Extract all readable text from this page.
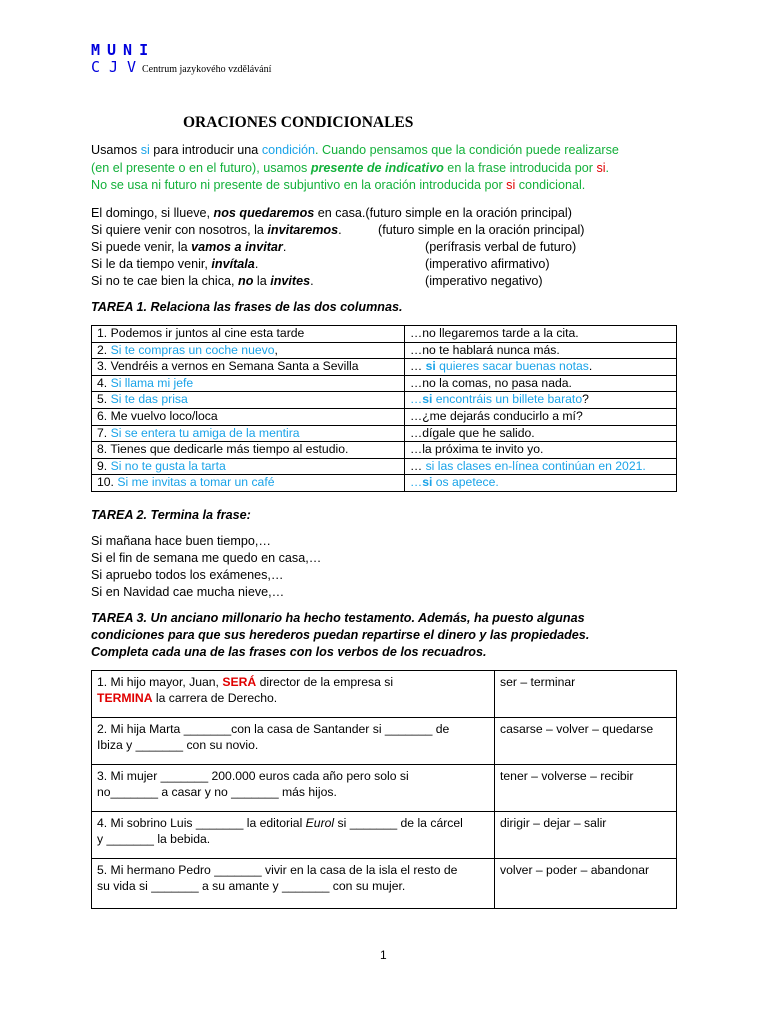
MUNI
CJV
Centrum jazykového vzdělávání
ORACIONES CONDICIONALES
Usamos si para introducir una condición. Cuando pensamos que la condición puede realizarse
(en el presente o en el futuro), usamos presente de indicativo en la frase introducida por si.
No se usa ni futuro ni presente de subjuntivo en la oración introducida por si condicional.
El domingo, si llueve, nos quedaremos en casa.(futuro simple en la oración principal)
Si quiere venir con nosotros, la invitaremos.	(futuro simple en la oración principal)
Si puede venir, la vamos a invitar.	(perífrasis verbal de futuro)
Si le da tiempo venir, invítala.	(imperativo afirmativo)
Si no te cae bien la chica, no la invites.	(imperativo negativo)
TAREA 1. Relaciona las frases de las dos columnas.
1. Podemos ir juntos al cine esta tarde	…no llegaremos tarde a la cita.
2. Si te compras un coche nuevo,	…no te hablará nunca más.
3. Vendréis a vernos en Semana Santa a Sevilla	… si quieres sacar buenas notas.
4. Si llama mi jefe	…no la comas, no pasa nada.
5. Si te das prisa	…si encontráis un billete barato?
6. Me vuelvo loco/loca	…¿me dejarás conducirlo a mí?
7. Si se entera tu amiga de la mentira	…dígale que he salido.
8. Tienes que dedicarle más tiempo al estudio.	…la próxima te invito yo.
9. Si no te gusta la tarta	… si las clases en-línea continúan en 2021.
10. Si me invitas a tomar un café	…si os apetece.
TAREA 2. Termina la frase:
Si mañana hace buen tiempo,…
Si el fin de semana me quedo en casa,…
Si apruebo todos los exámenes,…
Si en Navidad cae mucha nieve,…
TAREA 3. Un anciano millonario ha hecho testamento. Además, ha puesto algunas
condiciones para que sus herederos puedan repartirse el dinero y las propiedades.
Completa cada una de las frases con los verbos de los recuadros.
1. Mi hijo mayor, Juan, SERÁ director de la empresa si
TERMINA la carrera de Derecho.	ser – terminar
2. Mi hija Marta _______con la casa de Santander si _______ de
Ibiza y _______ con su novio.	casarse – volver – quedarse
3. Mi mujer _______ 200.000 euros cada año pero solo si
no_______ a casar y no _______ más hijos.	tener – volverse – recibir
4. Mi sobrino Luis _______ la editorial Eurol si _______ de la cárcel
y _______ la bebida.	dirigir – dejar – salir
5. Mi hermano Pedro _______ vivir en la casa de la isla el resto de
su vida si _______ a su amante y _______ con su mujer.	volver – poder – abandonar
1
